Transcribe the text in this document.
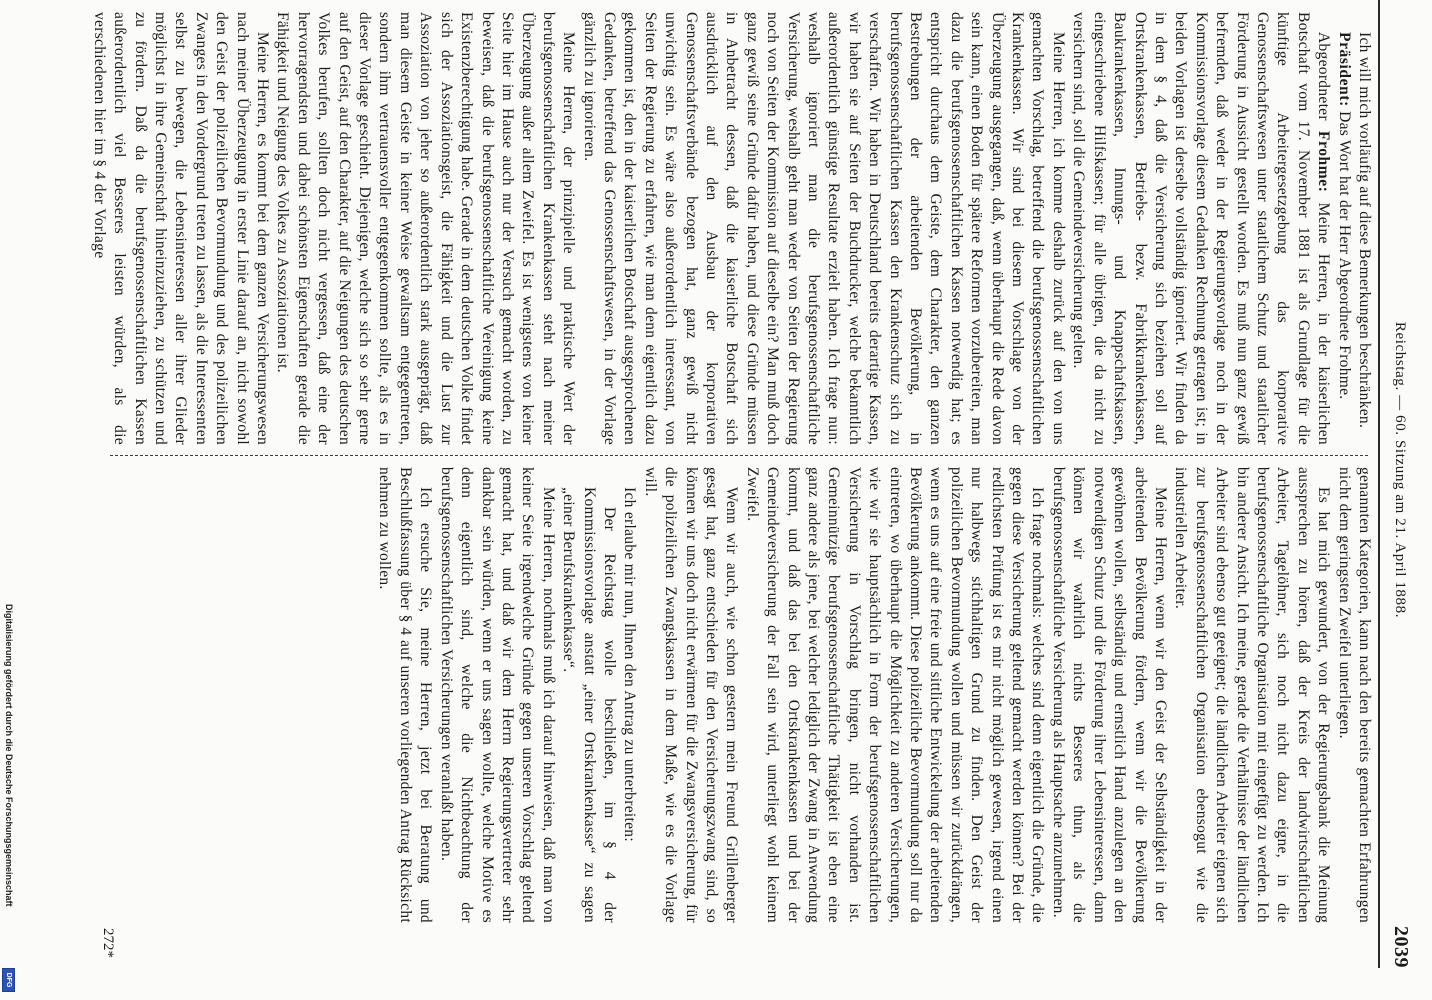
Reichstag. — 60. Sitzung am 21. April 1888.
2039

Ich will mich vorläufig auf diese Bemerkungen beschränken.

Präsident: Das Wort hat der Herr Abgeordnete Frohme.

Abgeordneter Frohme: Meine Herren, in der kaiserlichen Botschaft vom 17. November 1881 ist als Grundlage für die künftige Arbeitergesetzgebung das korporative Genossenschaftswesen unter staatlichem Schutz und staatlicher Förderung in Aussicht gestellt worden. Es muß nun ganz gewiß befremden, daß weder in der Regierungsvorlage noch in der Kommissionsvorlage diesem Gedanken Rechnung getragen ist; in beiden Vorlagen ist derselbe vollständig ignoriert. Wir finden da in dem § 4, daß die Versicherung sich beziehen soll auf Ortskrankenkassen, Betriebs- bezw. Fabrikkrankenkassen, Baukrankenkassen, Innungs- und Knappschaftskassen, eingeschriebene Hilfskassen; für alle übrigen, die da nicht zu versichern sind, soll die Gemeindeversicherung gelten.

Meine Herren, ich komme deshalb zurück auf den von uns gemachten Vorschlag, betreffend die berufsgenossenschaftlichen Krankenkassen. Wir sind bei diesem Vorschlage von der Überzeugung ausgegangen, daß, wenn überhaupt die Rede davon sein kann, einen Boden für spätere Reformen vorzubereiten, man dazu die berufsgenossenschaftlichen Kassen notwendig hat; es entspricht durchaus dem Geiste, dem Charakter, den ganzen Bestrebungen der arbeitenden Bevölkerung, in berufsgenossenschaftlichen Kassen den Krankenschutz sich zu verschaffen. Wir haben in Deutschland bereits derartige Kassen, wir haben sie auf Seiten der Buchdrucker, welche bekanntlich außerordentlich günstige Resultate erzielt haben. Ich frage nun: weshalb ignoriert man die berufsgenossenschaftliche Versicherung, weshalb geht man weder von Seiten der Regierung noch von Seiten der Kommission auf dieselbe ein? Man muß doch ganz gewiß seine Gründe dafür haben, und diese Gründe müssen in Anbetracht dessen, daß die kaiserliche Botschaft sich ausdrücklich auf den Ausbau der korporativen Genossenschaftsverbände bezogen hat, ganz gewiß nicht unwichtig sein. Es wäre also außerordentlich interessant, von Seiten der Regierung zu erfahren, wie man denn eigentlich dazu gekommen ist, den in der kaiserlichen Botschaft ausgesprochenen Gedanken, betreffend das Genossenschaftswesen, in der Vorlage gänzlich zu ignorieren.

Meine Herren, der prinzipielle und praktische Wert der berufsgenossenschaftlichen Krankenkassen steht nach meiner Überzeugung außer allem Zweifel. Es ist wenigstens von keiner Seite hier im Hause auch nur der Versuch gemacht worden, zu beweisen, daß die berufsgenossenschaftliche Vereinigung keine Existenzberechtigung habe. Gerade in dem deutschen Volke findet sich der Assoziationsgeist, die Fähigkeit und die Lust zur Assoziation von jeher so außerordentlich stark ausgeprägt, daß man diesem Geiste in keiner Weise gewaltsam entgegentreten, sondern ihm vertrauensvoller entgegenkommen sollte, als es in dieser Vorlage geschieht. Diejenigen, welche sich so sehr gerne auf den Geist, auf den Charakter, auf die Neigungen des deutschen Volkes berufen, sollten doch nicht vergessen, daß eine der hervorragendsten und dabei schönsten Eigenschaften gerade die Fähigkeit und Neigung des Volkes zu Assoziationen ist.

Meine Herren, es kommt bei dem ganzen Versicherungswesen nach meiner Überzeugung in erster Linie darauf an, nicht sowohl den Geist der polizeilichen Bevormundung und des polizeilichen Zwanges in den Vordergrund treten zu lassen, als die Interessenten selbst zu bewegen, die Lebensinteressen aller ihrer Glieder möglichst in ihre Gemeinschaft hineinzuziehen, zu schützen und zu fördern. Daß da die berufsgenossenschaftlichen Kassen außerordentlich viel Besseres leisten würden, als die verschiedenen hier im § 4 der Vorlage

genannten Kategorien, kann nach den bereits gemachten Erfahrungen nicht dem geringsten Zweifel unterliegen.

Es hat mich gewundert, von der Regierungsbank die Meinung aussprechen zu hören, daß der Kreis der landwirtschaftlichen Arbeiter, Tagelöhner, sich noch nicht dazu eigne, in die berufsgenossenschaftliche Organisation mit eingefügt zu werden. Ich bin anderer Ansicht. Ich meine, gerade die Verhältnisse der ländlichen Arbeiter sind ebenso gut geeignet; die ländlichen Arbeiter eignen sich zur berufsgenossenschaftlichen Organisation ebensogut wie die industriellen Arbeiter.

Meine Herren, wenn wir den Geist der Selbständigkeit in der arbeitenden Bevölkerung fördern, wenn wir die Bevölkerung gewöhnen wollen, selbständig und ernstlich Hand anzulegen an den notwendigen Schutz und die Förderung ihrer Lebensinteressen, dann können wir wahrlich nichts Besseres thun, als die berufsgenossenschaftliche Versicherung als Hauptsache anzunehmen.

Ich frage nochmals: welches sind denn eigentlich die Gründe, die gegen diese Versicherung geltend gemacht werden können? Bei der redlichsten Prüfung ist es mir nicht möglich gewesen, irgend einen nur halbwegs stichhaltigen Grund zu finden. Den Geist der polizeilichen Bevormundung wollen und müssen wir zurückdrängen, wenn es uns auf eine freie und sittliche Entwickelung der arbeitenden Bevölkerung ankommt. Diese polizeiliche Bevormundung soll nur da eintreten, wo überhaupt die Möglichkeit zu anderen Versicherungen, wie wir sie hauptsächlich in Form der berufsgenossenschaftlichen Versicherung in Vorschlag bringen, nicht vorhanden ist. Gemeinnützige berufsgenossenschaftliche Thätigkeit ist eben eine ganz andere als jene, bei welcher lediglich der Zwang in Anwendung kommt, und daß das bei den Ortskrankenkassen und bei der Gemeindeversicherung der Fall sein wird, unterliegt wohl keinem Zweifel.

Wenn wir auch, wie schon gestern mein Freund Grillenberger gesagt hat, ganz entschieden für den Versicherungszwang sind, so können wir uns doch nicht erwärmen für die Zwangsversicherung, für die polizeilichen Zwangskassen in dem Maße, wie es die Vorlage will.

Ich erlaube mir nun, Ihnen den Antrag zu unterbreiten:

Der Reichstag wolle beschließen, im § 4 der Kommissionsvorlage anstatt „einer Ortskrankenkasse“ zu sagen „einer Berufskrankenkasse“.

Meine Herren, nochmals muß ich darauf hinweisen, daß man von keiner Seite irgendwelche Gründe gegen unseren Vorschlag geltend gemacht hat, und daß wir dem Herrn Regierungsvertreter sehr dankbar sein würden, wenn er uns sagen wollte, welche Motive es denn eigentlich sind, welche die Nichtbeachtung der berufsgenossenschaftlichen Versicherungen veranlaßt haben.

Ich ersuche Sie, meine Herren, jetzt bei Beratung und Beschlußfassung über § 4 auf unseren vorliegenden Antrag Rücksicht nehmen zu wollen.

272*
Digitalisierung gefördert durch die Deutsche Forschungsgemeinschaft
DFG
